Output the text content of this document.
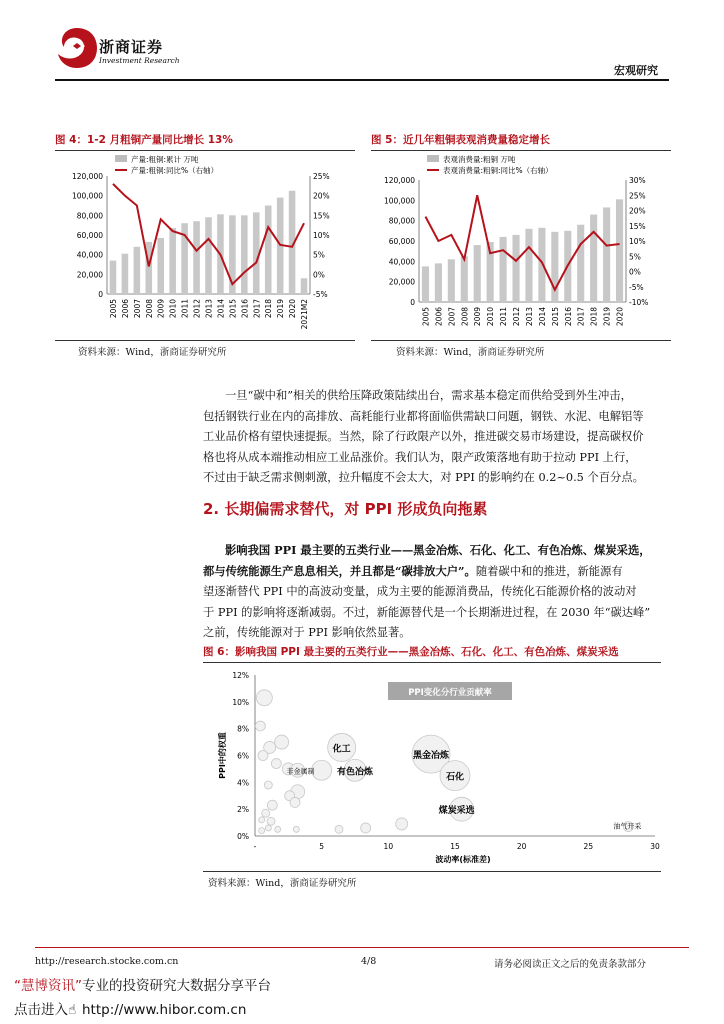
浙商证券
Investment Research
宏观研究
图 4：1-2 月粗铜产量同比增长 13%
产量:粗铜:累计 万吨
产量:粗铜:同比%（右轴）
0
20,000
40,000
60,000
80,000
100,000
120,000
-5%
0%
5%
10%
15%
20%
25%
2005 2006 2007 2008 2009 2010 2011 2012 2013 2014 2015 2016 2017 2018 2019 2020 2021M2
资料来源：Wind，浙商证券研究所
图 5：近几年粗铜表观消费量稳定增长
表观消费量:粗铜 万吨
表观消费量:粗铜:同比%（右轴）
0
20,000
40,000
60,000
80,000
100,000
120,000
-10%
-5%
0%
5%
10%
15%
20%
25%
30%
2005 2006 2007 2008 2009 2010 2011 2012 2013 2014 2015 2016 2017 2018 2019 2020
资料来源：Wind，浙商证券研究所
一旦“碳中和”相关的供给压降政策陆续出台，需求基本稳定而供给受到外生冲击，
包括钢铁行业在内的高排放、高耗能行业都将面临供需缺口问题，钢铁、水泥、电解铝等
工业品价格有望快速提振。当然，除了行政限产以外，推进碳交易市场建设，提高碳权价
格也将从成本端推动相应工业品涨价。我们认为，限产政策落地有助于拉动 PPI 上行，
不过由于缺乏需求侧刺激，拉升幅度不会太大，对 PPI 的影响约在 0.2~0.5 个百分点。
2. 长期偏需求替代，对 PPI 形成负向拖累
影响我国 PPI 最主要的五类行业——黑金冶炼、石化、化工、有色冶炼、煤炭采选，
都与传统能源生产息息相关，并且都是“碳排放大户”。随着碳中和的推进，新能源有
望逐渐替代 PPI 中的高波动变量，成为主要的能源消费品，传统化石能源价格的波动对
于 PPI 的影响将逐渐减弱。不过，新能源替代是一个长期渐进过程，在 2030 年“碳达峰”
之前，传统能源对于 PPI 影响依然显著。
图 6：影响我国 PPI 最主要的五类行业——黑金冶炼、石化、化工、有色冶炼、煤炭采选
0%
2%
4%
6%
8%
10%
12%
-	5	10	15	20	25	30
波动率(标准差)
PPI中的权重
PPI变化分行业贡献率
化工
黑金冶炼
石化
煤炭采选
有色冶炼
非金属制
油气开采
资料来源：Wind，浙商证券研究所
http://research.stocke.com.cn	4/8	请务必阅读正文之后的免责条款部分
“慧博资讯”专业的投资研究大数据分享平台
点击进入☝ http://www.hibor.com.cn
